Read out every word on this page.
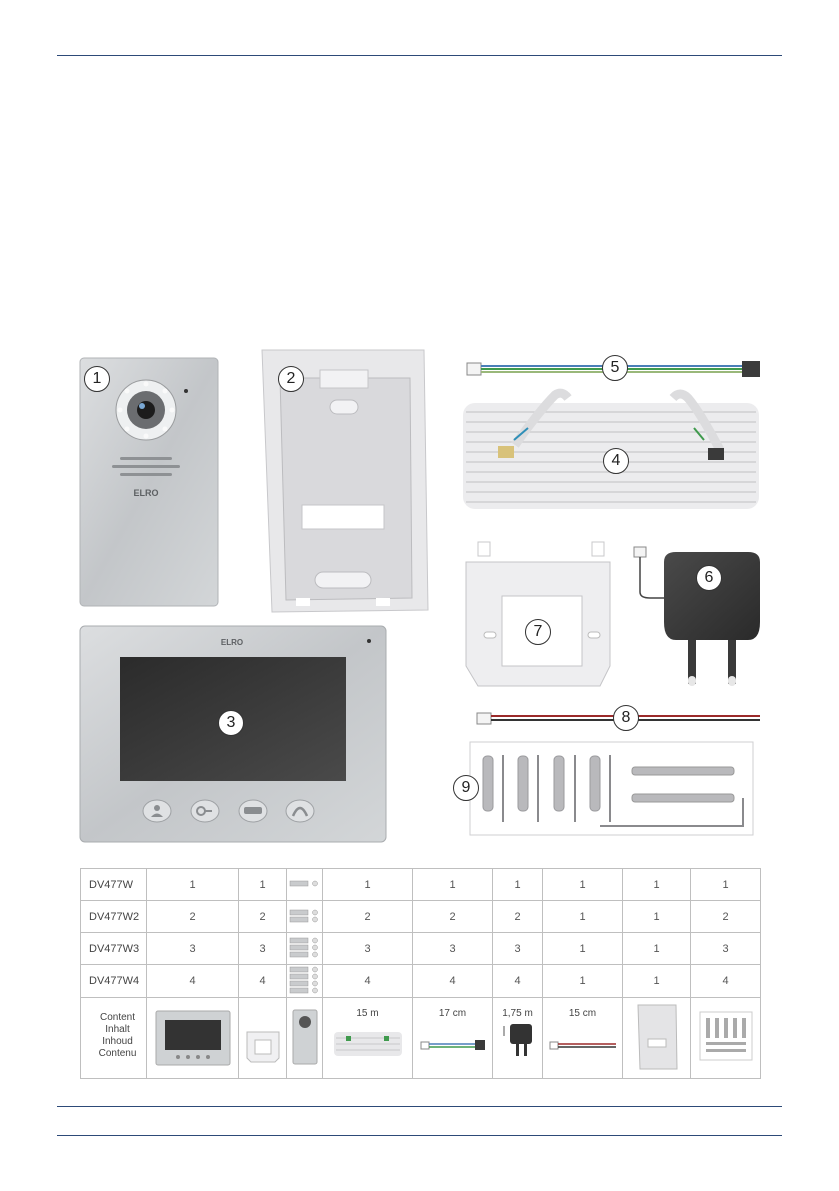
ELRO
ELRO
1	2
3
4
5
6
7
8
9
DV477W	1	1		1	1	1	1	1	1
DV477W2	2	2		2	2	2	1	1	2
DV477W3	3	3		3	3	3	1	1	3
DV477W4	4	4		4	4	4	1	1	4

Content
Inhalt
Inhoud
Contenu				15 m	17 cm	1,75 m	15 cm
